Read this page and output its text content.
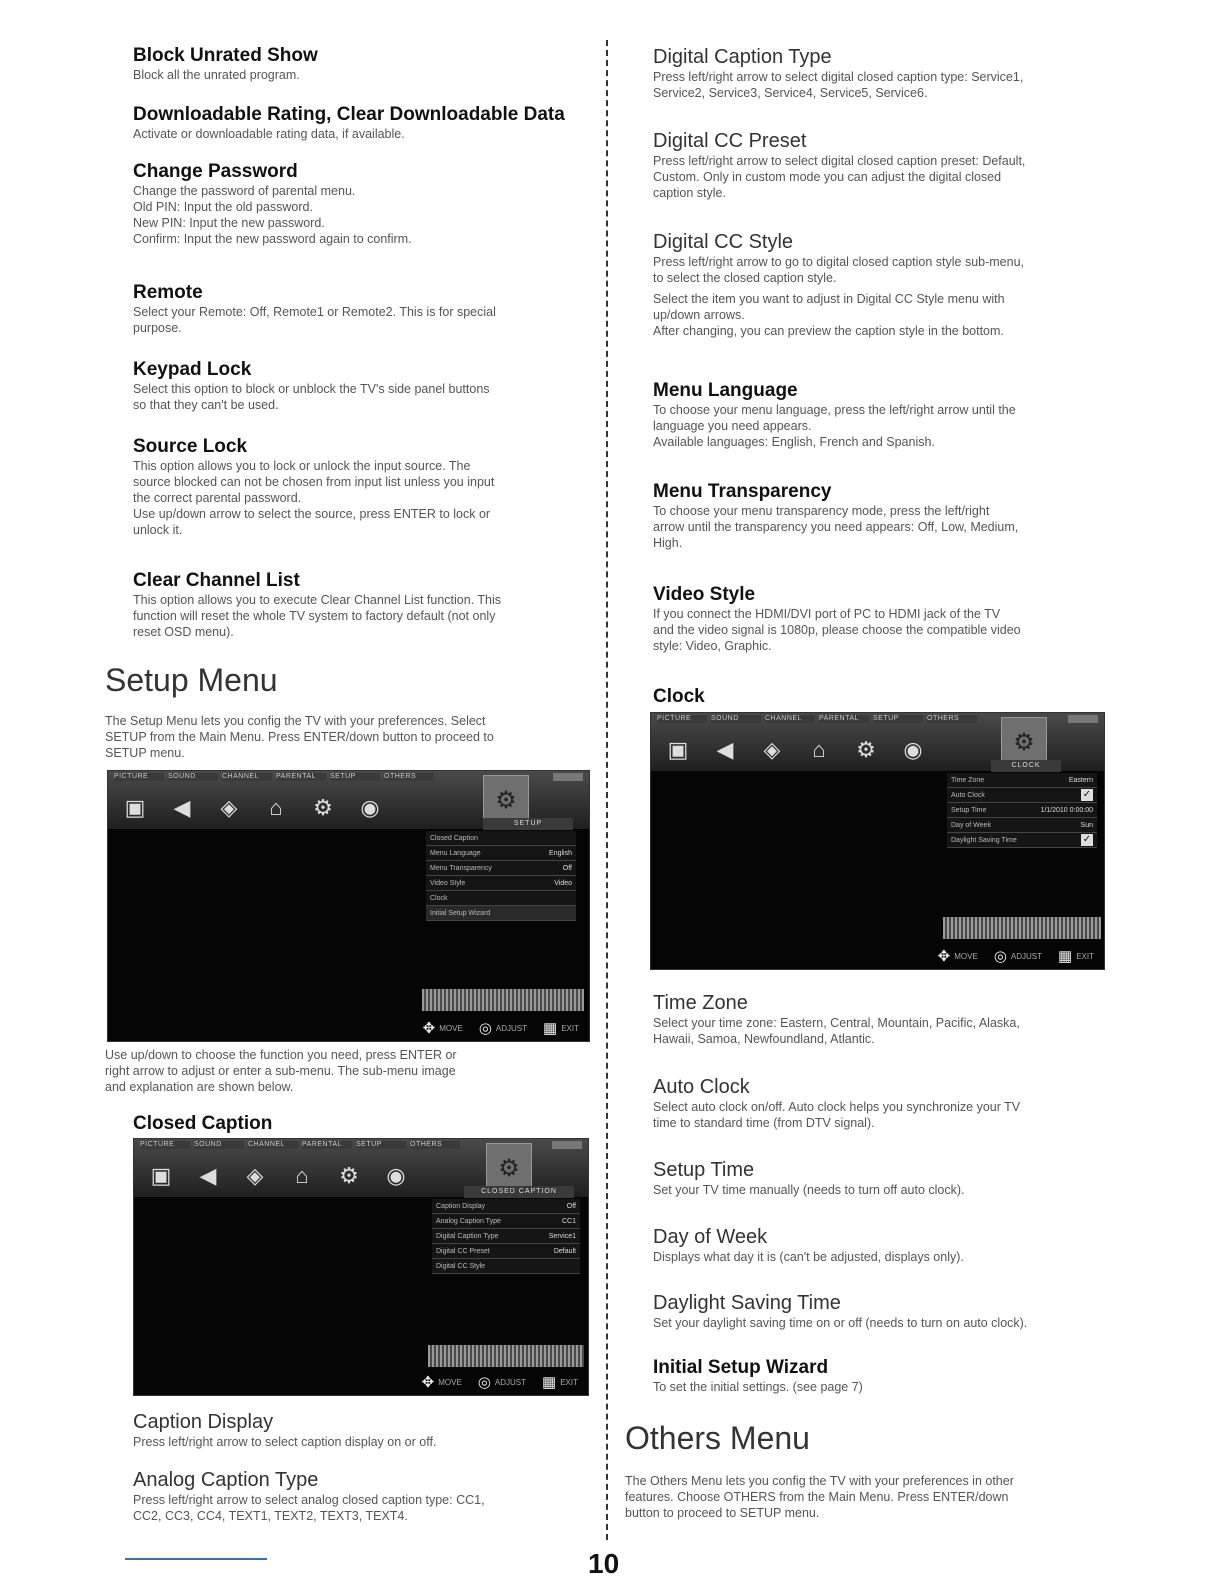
Block Unrated Show
Block all the unrated program.
Downloadable Rating, Clear Downloadable Data
Activate or downloadable rating data, if available.
Change Password
Change the password of parental menu.
Old PIN: Input the old password.
New PIN: Input the new password.
Confirm: Input the new password again to confirm.
Remote
Select your Remote: Off, Remote1 or Remote2. This is for special
purpose.
Keypad Lock
Select this option to block or unblock the TV's side panel buttons
so that they can't be used.
Source Lock
This option allows you to lock or unlock the input source. The
source blocked can not be chosen from input list unless you input
the correct parental password.
Use up/down arrow to select the source, press ENTER to lock or
unlock it.
Clear Channel List
This option allows you to execute Clear Channel List function. This
function will reset the whole TV system to factory default (not only
reset OSD menu).
Setup Menu
The Setup Menu lets you config the TV with your preferences. Select
SETUP from the Main Menu. Press ENTER/down button to proceed to
SETUP menu.
PICTURE	SOUND	CHANNEL	PARENTAL	SETUP	OTHERS
▣	◀	◈	⌂	⚙	◉	⚙
SETUP
Closed Caption
Menu Language	English
Menu Transparency	Off
Video Style	Video
Clock
Initial Setup Wizard
✥ MOVE ◎ ADJUST ▦ EXIT
Use up/down to choose the function you need, press ENTER or
right arrow to adjust or enter a sub-menu. The sub-menu image
and explanation are shown below.
Closed Caption
PICTURE	SOUND	CHANNEL	PARENTAL	SETUP	OTHERS
▣	◀	◈	⌂	⚙	◉	⚙
CLOSED CAPTION
Caption Display	Off
Analog Caption Type	CC1
Digital Caption Type	Service1
Digital CC Preset	Default
Digital CC Style
✥ MOVE ◎ ADJUST ▦ EXIT
Caption Display
Press left/right arrow to select caption display on or off.
Analog Caption Type
Press left/right arrow to select analog closed caption type: CC1,
CC2, CC3, CC4, TEXT1, TEXT2, TEXT3, TEXT4.
Digital Caption Type
Press left/right arrow to select digital closed caption type: Service1,
Service2, Service3, Service4, Service5, Service6.
Digital CC Preset
Press left/right arrow to select digital closed caption preset: Default,
Custom. Only in custom mode you can adjust the digital closed
caption style.
Digital CC Style
Press left/right arrow to go to digital closed caption style sub-menu,
to select the closed caption style.
Select the item you want to adjust in Digital CC Style menu with
up/down arrows.
After changing, you can preview the caption style in the bottom.
Menu Language
To choose your menu language, press the left/right arrow until the
language you need appears.
Available languages: English, French and Spanish.
Menu Transparency
To choose your menu transparency mode, press the left/right
arrow until the transparency you need appears: Off, Low, Medium,
High.
Video Style
If you connect the HDMI/DVI port of PC to HDMI jack of the TV
and the video signal is 1080p, please choose the compatible video
style: Video, Graphic.
Clock
PICTURE	SOUND	CHANNEL	PARENTAL	SETUP	OTHERS
▣	◀	◈	⌂	⚙	◉	⚙
CLOCK
Time Zone	Eastern
Auto Clock	✓
Setup Time	1/1/2010 0:00:00
Day of Week	Sun
Daylight Saving Time	✓
✥ MOVE ◎ ADJUST ▦ EXIT
Time Zone
Select your time zone: Eastern, Central, Mountain, Pacific, Alaska,
Hawaii, Samoa, Newfoundland, Atlantic.
Auto Clock
Select auto clock on/off. Auto clock helps you synchronize your TV
time to standard time (from DTV signal).
Setup Time
Set your TV time manually (needs to turn off auto clock).
Day of Week
Displays what day it is (can't be adjusted, displays only).
Daylight Saving Time
Set your daylight saving time on or off (needs to turn on auto clock).
Initial Setup Wizard
To set the initial settings. (see page 7)
Others Menu
The Others Menu lets you config the TV with your preferences in other
features. Choose OTHERS from the Main Menu. Press ENTER/down
button to proceed to SETUP menu.
10
